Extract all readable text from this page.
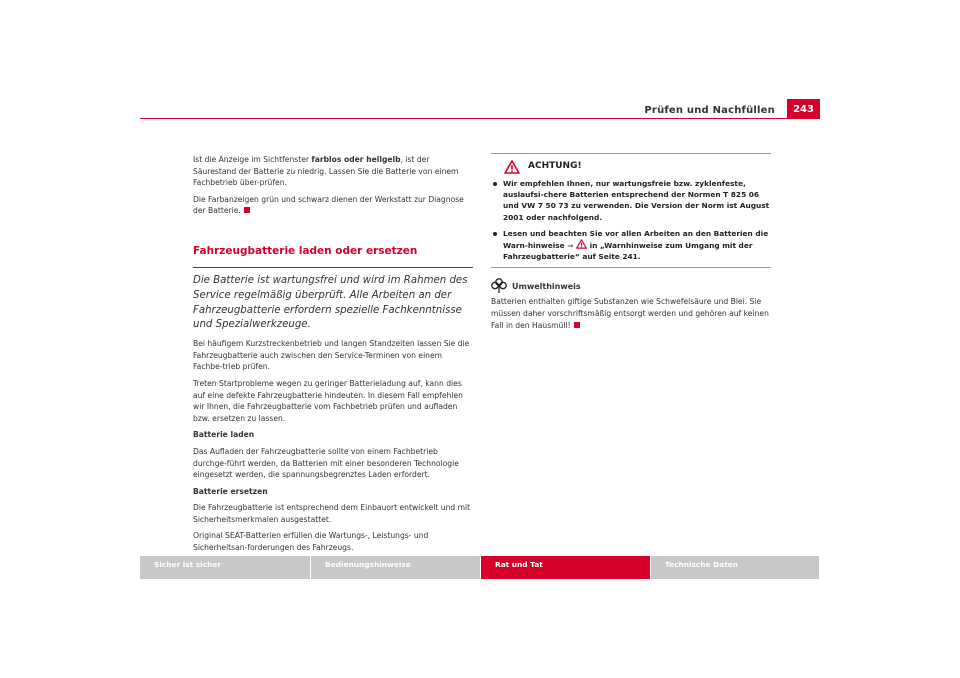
Prüfen und Nachfüllen	243

Ist die Anzeige im Sichtfenster farblos oder hellgelb, ist der Säurestand der Batterie zu niedrig. Lassen Sie die Batterie von einem Fachbetrieb über-prüfen.

Die Farbanzeigen grün und schwarz dienen der Werkstatt zur Diagnose der Batterie.

Fahrzeugbatterie laden oder ersetzen

Die Batterie ist wartungsfrei und wird im Rahmen des Service regelmäßig überprüft. Alle Arbeiten an der Fahrzeugbatterie erfordern spezielle Fachkenntnisse und Spezialwerkzeuge.

Bei häufigem Kurzstreckenbetrieb und langen Standzeiten lassen Sie die Fahrzeugbatterie auch zwischen den Service-Terminen von einem Fachbe-trieb prüfen.

Treten Startprobleme wegen zu geringer Batterieladung auf, kann dies auf eine defekte Fahrzeugbatterie hindeuten. In diesem Fall empfehlen wir Ihnen, die Fahrzeugbatterie vom Fachbetrieb prüfen und aufladen bzw. ersetzen zu lassen.

Batterie laden

Das Aufladen der Fahrzeugbatterie sollte von einem Fachbetrieb durchge-führt werden, da Batterien mit einer besonderen Technologie eingesetzt werden, die spannungsbegrenztes Laden erfordert.

Batterie ersetzen

Die Fahrzeugbatterie ist entsprechend dem Einbauort entwickelt und mit Sicherheitsmerkmalen ausgestattet.

Original SEAT-Batterien erfüllen die Wartungs-, Leistungs- und Sicherheitsan-forderungen des Fahrzeugs.

ACHTUNG!
Wir empfehlen Ihnen, nur wartungsfreie bzw. zyklenfeste, auslaufsi-chere Batterien entsprechend der Normen T 825 06 und VW 7 50 73 zu verwenden. Die Version der Norm ist August 2001 oder nachfolgend.
Lesen und beachten Sie vor allen Arbeiten an den Batterien die Warn-hinweise ⇒  in „Warnhinweise zum Umgang mit der Fahrzeugbatterie“ auf Seite 241.
Umwelthinweis

Batterien enthalten giftige Substanzen wie Schwefelsäure und Blei. Sie müssen daher vorschriftsmäßig entsorgt werden und gehören auf keinen Fall in den Hausmüll!

Sicher ist sicher	Bedienungshinweise	Rat und Tat	Technische Daten
